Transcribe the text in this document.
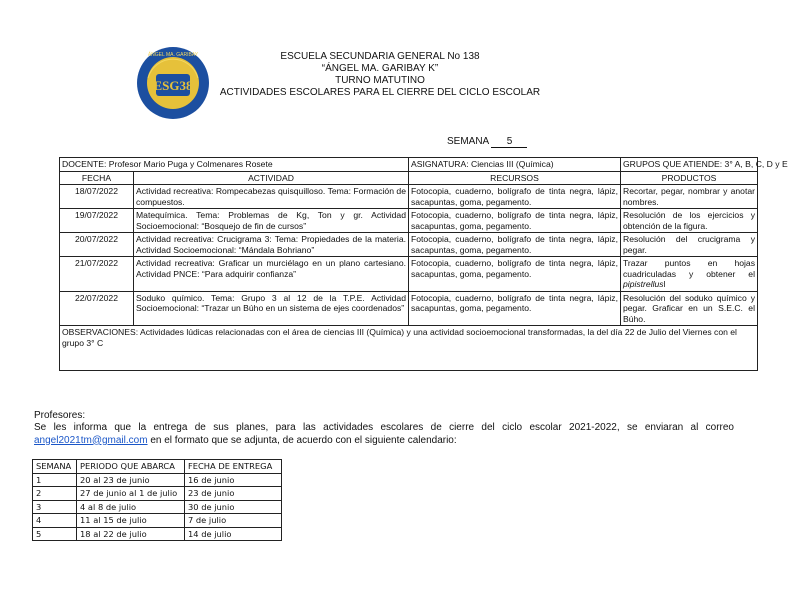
ESG38
ÁNGEL MA. GARIBAY	ESCUELA SECUNDARIA GENERAL No 138
“ÁNGEL MA. GARIBAY K”
TURNO MATUTINO
ACTIVIDADES ESCOLARES PARA EL CIERRE DEL CICLO ESCOLAR
SEMANA 5
DOCENTE: Profesor Mario Puga y Colmenares Rosete		ASIGNATURA: Ciencias III (Química)	GRUPOS QUE ATIENDE: 3° A, B, C, D y E
FECHA	ACTIVIDAD	RECURSOS	PRODUCTOS
18/07/2022	Actividad recreativa: Rompecabezas quisquilloso. Tema: Formación de compuestos.	Fotocopia, cuaderno, bolígrafo de tinta negra, lápiz, sacapuntas, goma, pegamento.	Recortar, pegar, nombrar y anotar nombres.
19/07/2022	Matequímica. Tema: Problemas de Kg, Ton y gr. Actividad Socioemocional: “Bosquejo de fin de cursos”	Fotocopia, cuaderno, bolígrafo de tinta negra, lápiz, sacapuntas, goma, pegamento.	Resolución de los ejercicios y obtención de la figura.
20/07/2022	Actividad recreativa: Crucigrama 3: Tema: Propiedades de la materia. Actividad Socioemocional: “Mándala Bohriano”	Fotocopia, cuaderno, bolígrafo de tinta negra, lápiz, sacapuntas, goma, pegamento.	Resolución del crucigrama y pegar.
21/07/2022	Actividad recreativa: Graficar un murciélago en un plano cartesiano. Actividad PNCE: “Para adquirir confianza”	Fotocopia, cuaderno, bolígrafo de tinta negra, lápiz, sacapuntas, goma, pegamento.	Trazar puntos en hojas cuadriculadas y obtener el pipistrellusl
22/07/2022	Soduko químico. Tema: Grupo 3 al 12 de la T.P.E. Actividad Socioemocional: “Trazar un Búho en un sistema de ejes coordenados”	Fotocopia, cuaderno, bolígrafo de tinta negra, lápiz, sacapuntas, goma, pegamento.	Resolución del soduko químico y pegar. Graficar en un S.E.C. el Búho.
OBSERVACIONES: Actividades lúdicas relacionadas con el área de ciencias III (Química) y una actividad socioemocional transformadas, la del día 22 de Julio del Viernes con el grupo 3° C			
Profesores:
Se les informa que la entrega de sus planes, para las actividades escolares de cierre del ciclo escolar 2021-2022, se enviaran al correo angel2021tm@gmail.com en el formato que se adjunta, de acuerdo con el siguiente calendario:
SEMANA	PERIODO QUE ABARCA	FECHA DE ENTREGA
1	20 al 23 de junio	16 de junio
2	27 de junio al 1 de julio	23 de junio
3	4 al 8 de julio	30 de junio
4	11 al 15 de julio	7 de julio
5	18 al 22 de julio	14 de julio
